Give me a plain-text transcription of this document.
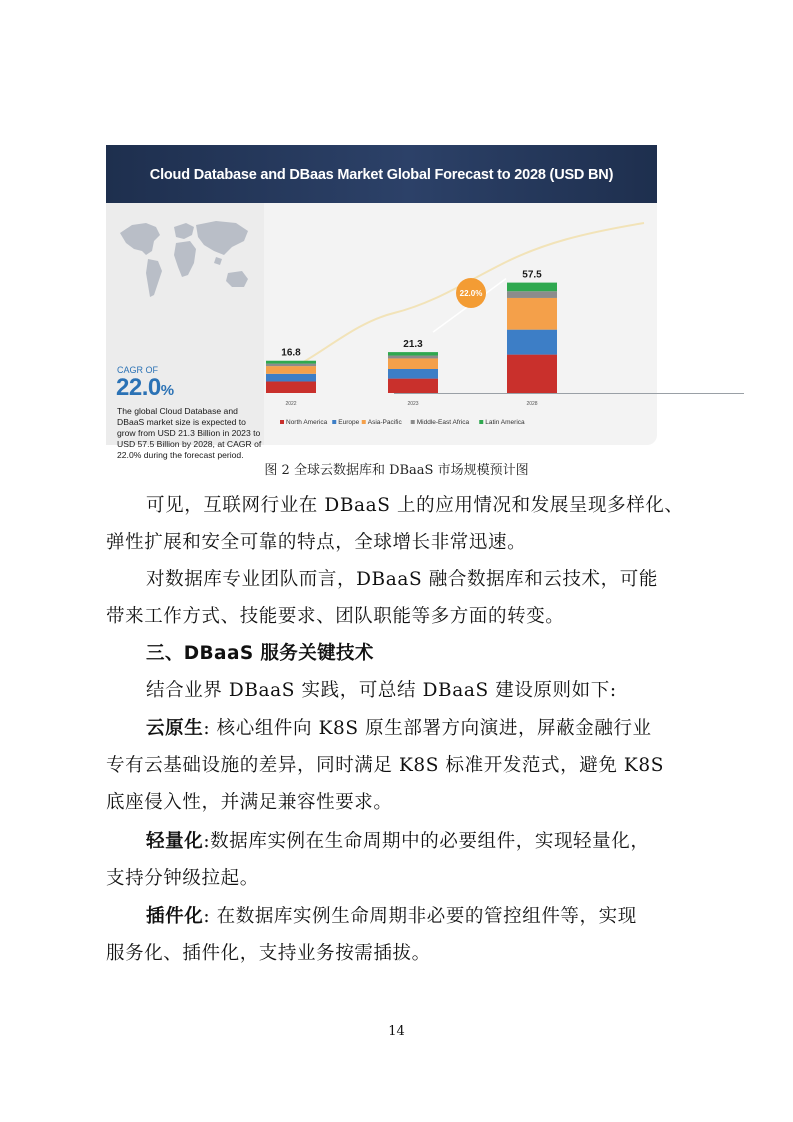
Cloud Database and DBaas Market Global Forecast to 2028 (USD BN)
CAGR OF
22.0%
The global Cloud Database and DBaaS market size is expected to grow from USD 21.3 Billion in 2023 to USD 57.5 Billion by 2028, at CAGR of 22.0% during the forecast period.
16.8
2022
21.3
2023
57.5
2028
22.0%
North America Europe Asia-Pacific Middle-East Africa Latin America
图 2 全球云数据库和 DBaaS 市场规模预计图

可见，互联网行业在 DBaaS 上的应用情况和发展呈现多样化、
弹性扩展和安全可靠的特点，全球增长非常迅速。

对数据库专业团队而言，DBaaS 融合数据库和云技术，可能
带来工作方式、技能要求、团队职能等多方面的转变。

三、DBaaS 服务关键技术

结合业界 DBaaS 实践，可总结 DBaaS 建设原则如下:

云原生: 核心组件向 K8S 原生部署方向演进，屏蔽金融行业
专有云基础设施的差异，同时满足 K8S 标准开发范式，避免 K8S
底座侵入性，并满足兼容性要求。

轻量化:数据库实例在生命周期中的必要组件，实现轻量化，
支持分钟级拉起。

插件化: 在数据库实例生命周期非必要的管控组件等，实现
服务化、插件化，支持业务按需插拔。

14
